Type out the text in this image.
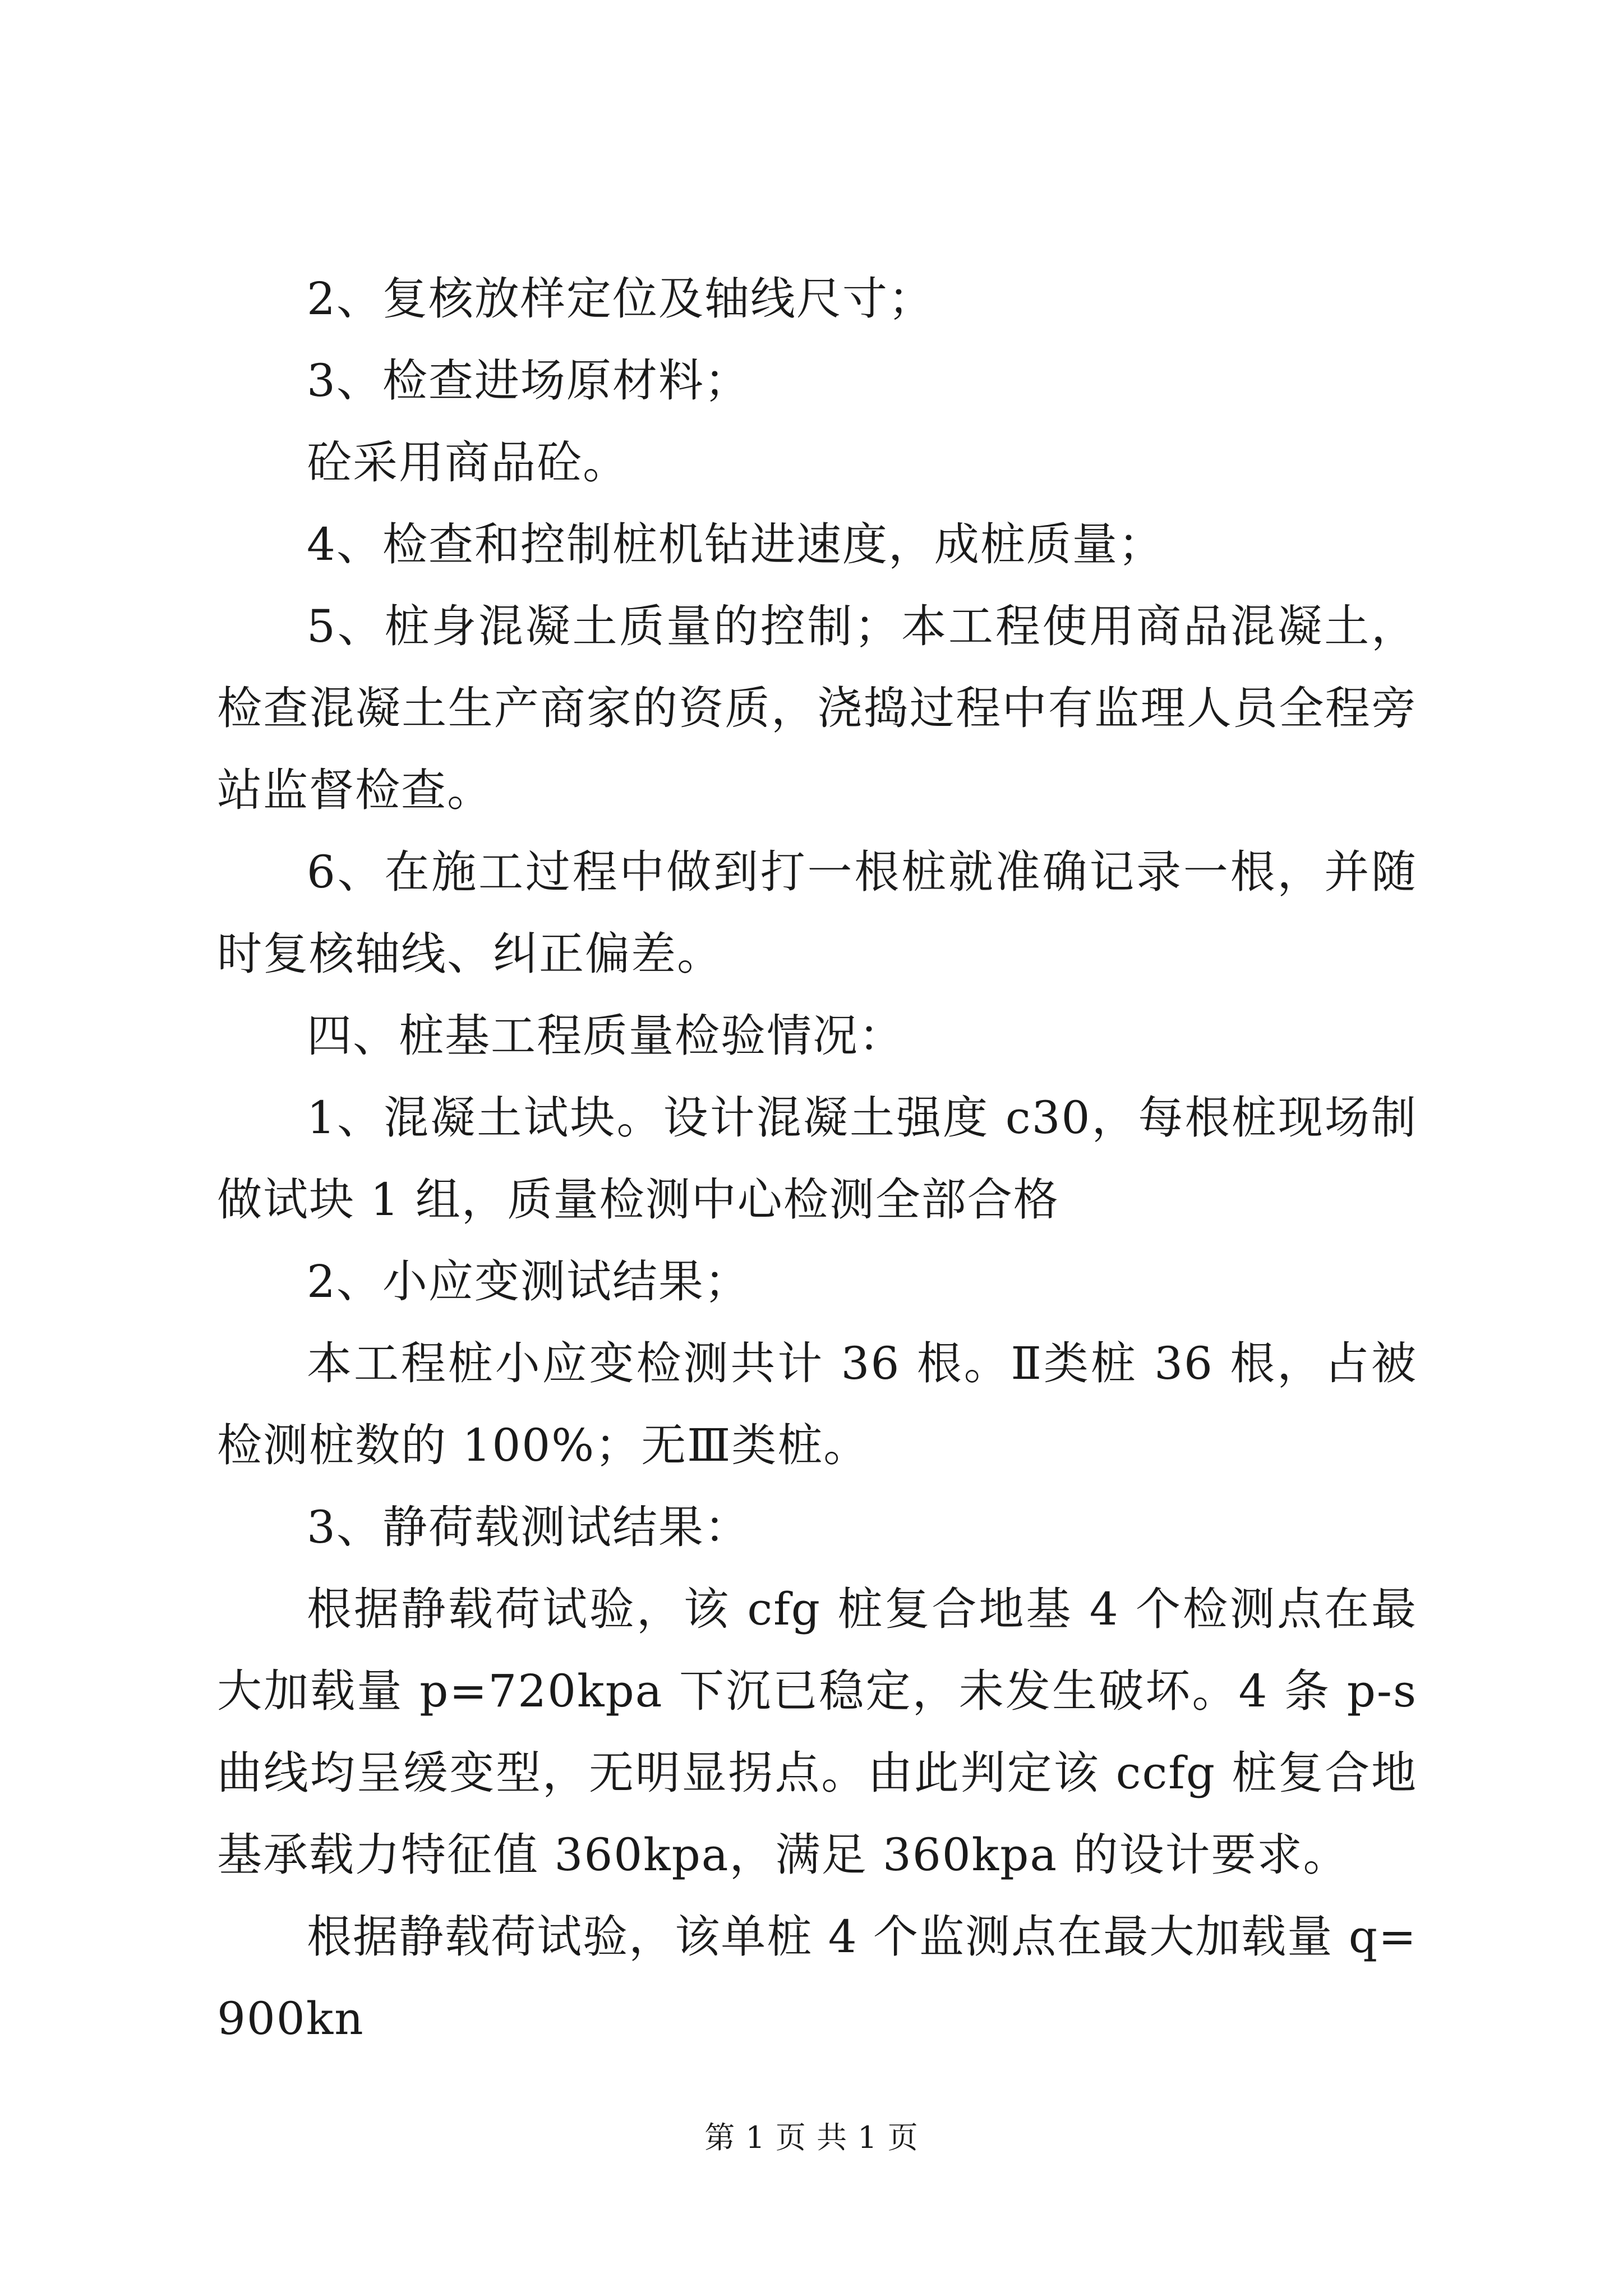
2、复核放样定位及轴线尺寸；

3、检查进场原材料；

砼采用商品砼。

4、检查和控制桩机钻进速度，成桩质量；

5、桩身混凝土质量的控制；本工程使用商品混凝土，检查混凝土生产商家的资质，浇捣过程中有监理人员全程旁站监督检查。

6、在施工过程中做到打一根桩就准确记录一根，并随时复核轴线、纠正偏差。

四、桩基工程质量检验情况：

1、混凝土试块。设计混凝土强度 c30，每根桩现场制做试块 1 组，质量检测中心检测全部合格

2、小应变测试结果；

本工程桩小应变检测共计 36 根。Ⅱ类桩 36 根，占被检测桩数的 100%；无Ⅲ类桩。

3、静荷载测试结果：

根据静载荷试验，该 cfg 桩复合地基 4 个检测点在最大加载量 p=720kpa 下沉已稳定，未发生破坏。4 条 p-s 曲线均呈缓变型，无明显拐点。由此判定该 ccfg 桩复合地基承载力特征值 360kpa，满足 360kpa 的设计要求。

根据静载荷试验，该单桩 4 个监测点在最大加载量 q=900kn

第 1 页 共 1 页
